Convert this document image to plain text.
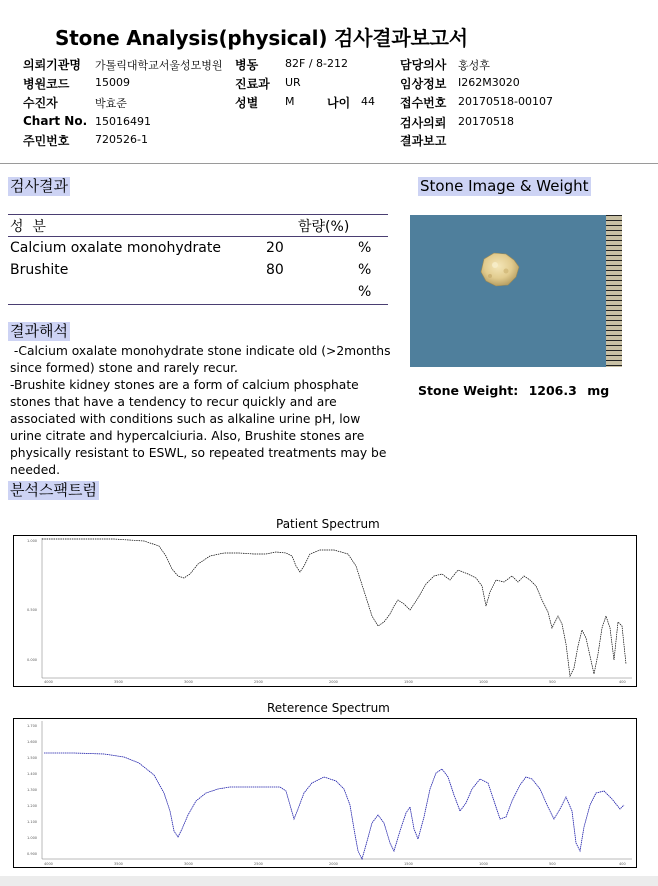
Stone Analysis(physical) 검사결과보고서
의뢰기관명 가톨릭대학교서울성모병원 병동 82F / 8-212	담당의사 홍성후
병원코드 15009	진료과 UR	임상정보 I262M3020
수진자	박효준	성별 M	나이 44 접수번호 20170518-00107
Chart No. 15016491	검사의뢰 20170518
주민번호 720526-1	결과보고
검사결과
성  분	함량(%)
Calcium oxalate monohydrate	20	%
Brushite	80	%
%
결과해석

-Calcium oxalate monohydrate stone indicate old (>2months since formed) stone and rarely recur.

-Brushite kidney stones are a form of calcium phosphate stones that have a tendency to recur quickly and are associated with conditions such as alkaline urine pH, low urine citrate and hypercalciuria. Also, Brushite stones are physically resistant to ESWL, so repeated treatments may be needed.

Stone Image & Weight
Stone Weight: 1206.3 mg
분석스팩트럼
Patient Spectrum
1.000
0.500
0.000
4000	3500	3000	2500	2000	1500	1000	500	400
Reterence Spectrum
1.700
1.600
1.500
1.400
1.300
1.200
1.100
1.000
0.900
4000	3500	3000	2500	2000	1500	1000	500	400
